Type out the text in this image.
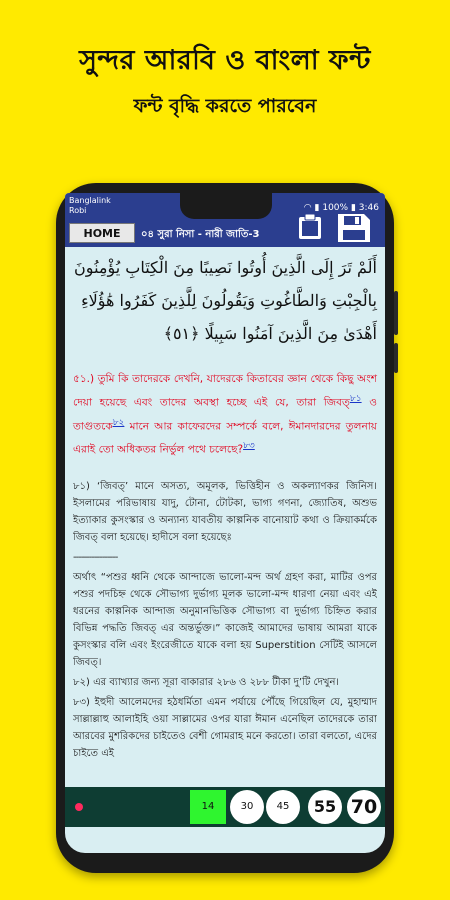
সুন্দর আরবি ও বাংলা ফন্ট
ফন্ট বৃদ্ধি করতে পারবেন
Banglalink
Robi	◠ ▮ 100% ▮ 3:46
HOME	০৪ সুরা নিসা - নারী জাতি-3
أَلَمْ تَرَ إِلَى الَّذِينَ أُوتُوا نَصِيبًا مِنَ الْكِتَابِ يُؤْمِنُونَ بِالْجِبْتِ وَالطَّاغُوتِ وَيَقُولُونَ لِلَّذِينَ كَفَرُوا هَٰؤُلَاءِ أَهْدَىٰ مِنَ الَّذِينَ آمَنُوا سَبِيلًا ﴿٥١﴾
৫১.) তুমি কি তাদেরকে দেখনি, যাদেরকে কিতাবের জ্ঞান থেকে কিছু অংশ দেয়া হয়েছে এবং তাদের অবস্থা হচ্ছে এই যে, তারা জিবত্‌৮১ ও তাগুতকে৮২ মানে আর কাফেরদের সম্পর্কে বলে, ঈমানদারদের তুলনায় এরাই তো অধিকতর নির্ভুল পথে চলেছে?৮৩

৮১) ‘জিবত্‌’ মানে অসত্য, অমূলক, ভিত্তিহীন ও অকল্যাণকর জিনিস। ইসলামের পরিভাষায় যাদু, টোনা, টোটকা, ভাগ্য গণনা, জ্যোতিষ, অশুভ ইত্যাকার কুসংস্কার ও অন্যান্য যাবতীয় কাল্পনিক বানোয়াট কথা ও ক্রিয়াকর্মকে জিবত্‌ বলা হয়েছে। হাদীসে বলা হয়েছেঃ

-----------------

অর্থাৎ “পশুর ধ্বনি থেকে আন্দাজে ভালো-মন্দ অর্থ গ্রহণ করা, মাটির ওপর পশুর পদচিহ্ন থেকে সৌভাগ্য দুর্ভাগ্য মূলক ভালো-মন্দ ধারণা নেয়া এবং এই ধরনের কাল্পনিক আন্দাজ অনুমানভিত্তিক সৌভাগ্য বা দুর্ভাগ্য চিহ্নিত করার বিভিন্ন পদ্ধতি জিবত্‌ এর অন্তর্ভুক্ত।” কাজেই আমাদের ভাষায় আমরা যাকে কুসংস্কার বলি এবং ইংরেজীতে যাকে বলা হয় Superstition সেটিই আসলে জিবত্‌।

৮২) এর ব্যাখ্যার জন্য সূরা বাকারার ২৮৬ ও ২৮৮ টীকা দু’টি দেখুন।

৮৩) ইহুদী আলেমদের হঠধর্মিতা এমন পর্যায়ে পৌঁছে গিয়েছিল যে, মুহাম্মাদ সাল্লাল্লাহু আলাইহি ওয়া সাল্লামের ওপর যারা ঈমান এনেছিল তাদেরকে তারা আরবের মুশরিকদের চাইতেও বেশী গোমরাহ মনে করতো। তারা বলতো, এদের চাইতে এই

14	30	45	55 70
